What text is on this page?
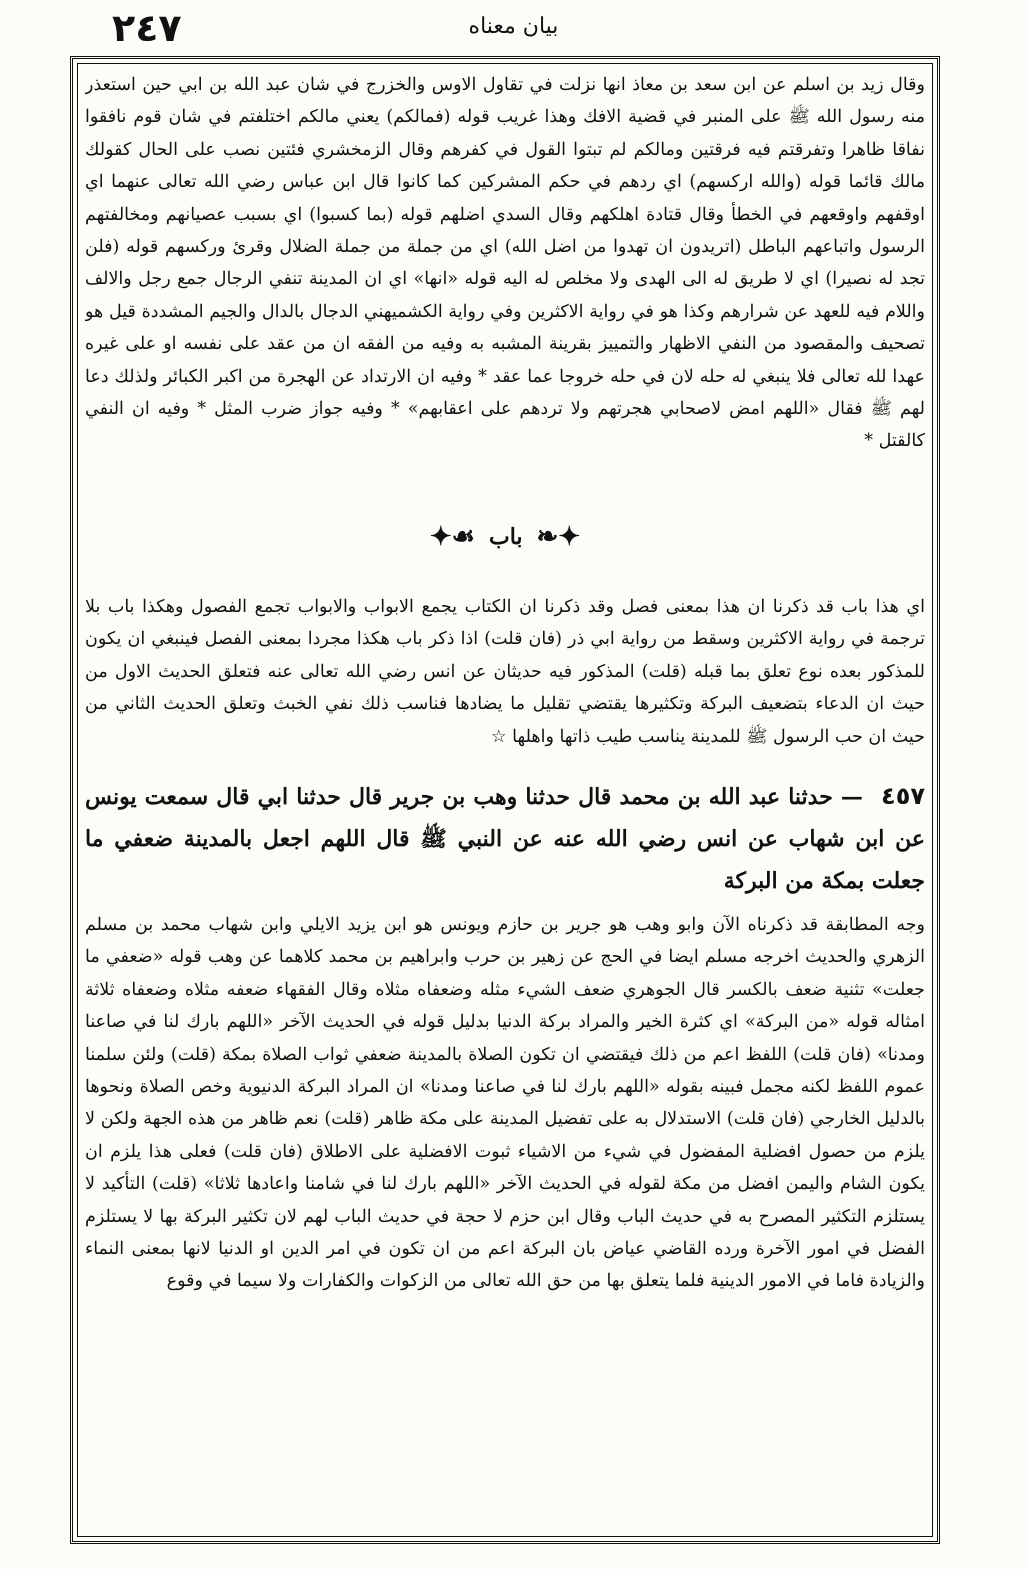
٢٤٧	بیان معناه

وقال زيد بن اسلم عن ابن سعد بن معاذ انها نزلت في تقاول الاوس والخزرج في شان عبد الله بن ابي حين استعذر منه رسول الله ﷺ على المنبر في قضية الافك وهذا غريب قوله (فمالكم) يعني مالكم اختلفتم في شان قوم نافقوا نفاقا ظاهرا وتفرقتم فيه فرقتين ومالكم لم تبتوا القول في كفرهم وقال الزمخشري فئتين نصب على الحال كقولك مالك قائما قوله (والله اركسهم) اي ردهم في حكم المشركين كما كانوا قال ابن عباس رضي الله تعالى عنهما اي اوقفهم واوقعهم في الخطأ وقال قتادة اهلكهم وقال السدي اضلهم قوله (بما كسبوا) اي بسبب عصيانهم ومخالفتهم الرسول واتباعهم الباطل (اتريدون ان تهدوا من اضل الله) اي من جملة من جملة الضلال وقرئ وركسهم قوله (فلن تجد له نصيرا) اي لا طريق له الى الهدى ولا مخلص له اليه قوله «انها» اي ان المدينة تنفي الرجال جمع رجل والالف واللام فيه للعهد عن شرارهم وكذا هو في رواية الاكثرين وفي رواية الكشميهني الدجال بالدال والجيم المشددة قيل هو تصحيف والمقصود من النفي الاظهار والتمييز بقرينة المشبه به وفيه من الفقه ان من عقد على نفسه او على غيره عهدا لله تعالى فلا ينبغي له حله لان في حله خروجا عما عقد * وفيه ان الارتداد عن الهجرة من اكبر الكبائر ولذلك دعا لهم ﷺ فقال «اللهم امض لاصحابي هجرتهم ولا تردهم على اعقابهم» * وفيه جواز ضرب المثل * وفيه ان النفي كالقتل *

✦❧
باب
☙✦

اي هذا باب قد ذكرنا ان هذا بمعنى فصل وقد ذكرنا ان الكتاب يجمع الابواب والابواب تجمع الفصول وهكذا باب بلا ترجمة في رواية الاكثرين وسقط من رواية ابي ذر (فان قلت) اذا ذكر باب هكذا مجردا بمعنى الفصل فينبغي ان يكون للمذكور بعده نوع تعلق بما قبله (قلت) المذكور فيه حديثان عن انس رضي الله تعالى عنه فتعلق الحديث الاول من حيث ان الدعاء بتضعيف البركة وتكثيرها يقتضي تقليل ما يضادها فناسب ذلك نفي الخبث وتعلق الحديث الثاني من حيث ان حب الرسول ﷺ للمدينة يناسب طيب ذاتها واهلها ☆

٤٥٧ — حدثنا عبد الله بن محمد قال حدثنا وهب بن جرير قال حدثنا ابي قال سمعت يونس عن ابن شهاب عن انس رضي الله عنه عن النبي ﷺ قال اللهم اجعل بالمدينة ضعفي ما جعلت بمكة من البركة

وجه المطابقة قد ذكرناه الآن وابو وهب هو جرير بن حازم ويونس هو ابن يزيد الايلي وابن شهاب محمد بن مسلم الزهري والحديث اخرجه مسلم ايضا في الحج عن زهير بن حرب وابراهيم بن محمد كلاهما عن وهب قوله «ضعفي ما جعلت» تثنية ضعف بالكسر قال الجوهري ضعف الشيء مثله وضعفاه مثلاه وقال الفقهاء ضعفه مثلاه وضعفاه ثلاثة امثاله قوله «من البركة» اي كثرة الخير والمراد بركة الدنيا بدليل قوله في الحديث الآخر «اللهم بارك لنا في صاعنا ومدنا» (فان قلت) اللفظ اعم من ذلك فيقتضي ان تكون الصلاة بالمدينة ضعفي ثواب الصلاة بمكة (قلت) ولئن سلمنا عموم اللفظ لكنه مجمل فبينه بقوله «اللهم بارك لنا في صاعنا ومدنا» ان المراد البركة الدنيوية وخص الصلاة ونحوها بالدليل الخارجي (فان قلت) الاستدلال به على تفضيل المدينة على مكة ظاهر (قلت) نعم ظاهر من هذه الجهة ولكن لا يلزم من حصول افضلية المفضول في شيء من الاشياء ثبوت الافضلية على الاطلاق (فان قلت) فعلى هذا يلزم ان يكون الشام واليمن افضل من مكة لقوله في الحديث الآخر «اللهم بارك لنا في شامنا واعادها ثلاثا» (قلت) التأكيد لا يستلزم التكثير المصرح به في حديث الباب وقال ابن حزم لا حجة في حديث الباب لهم لان تكثير البركة بها لا يستلزم الفضل في امور الآخرة ورده القاضي عياض بان البركة اعم من ان تكون في امر الدين او الدنيا لانها بمعنى النماء والزيادة فاما في الامور الدينية فلما يتعلق بها من حق الله تعالى من الزكوات والكفارات ولا سيما في وقوع
